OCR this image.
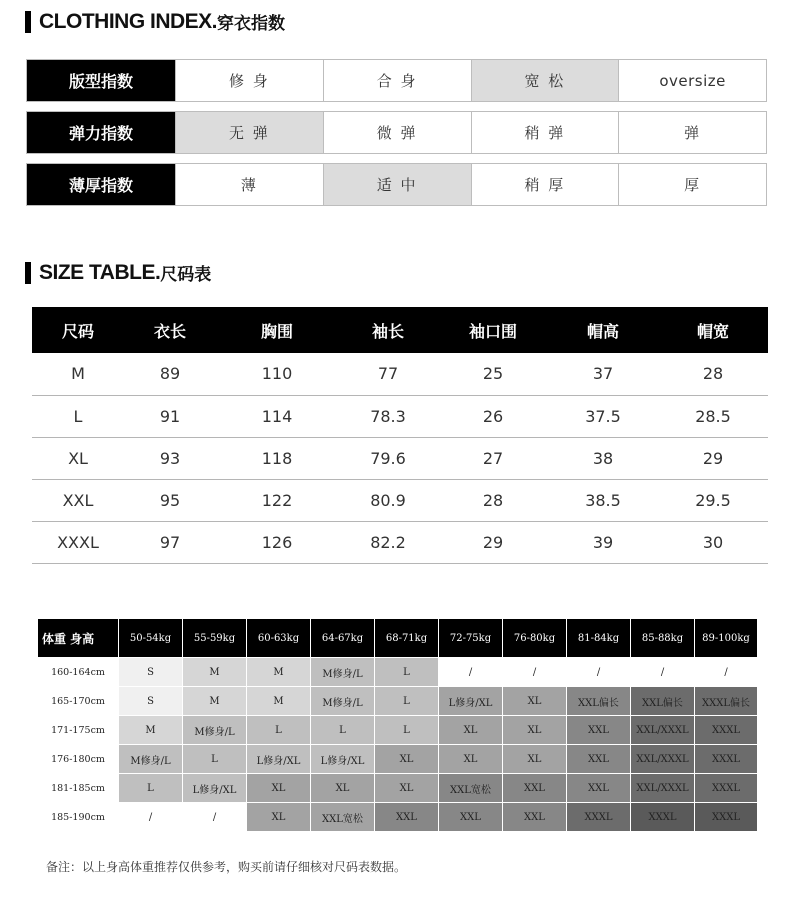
CLOTHING INDEX. 穿衣指数
版型指数	修 身	合 身	宽 松	oversize
弹力指数	无 弹	微 弹	稍 弹	弹
薄厚指数	薄	适 中	稍 厚	厚
SIZE TABLE. 尺码表
尺码	衣长	胸围	袖长	袖口围	帽高	帽宽
M	89	110	77	25	37	28
L	91	114	78.3	26	37.5	28.5
XL	93	118	79.6	27	38	29
XXL	95	122	80.9	28	38.5	29.5
XXXL	97	126	82.2	29	39	30
体重 身高	50-54kg	55-59kg	60-63kg	64-67kg	68-71kg	72-75kg	76-80kg	81-84kg	85-88kg	89-100kg
160-164cm	S	M	M	M修身/L	L	/	/	/	/	/
165-170cm	S	M	M	M修身/L	L	L修身/XL	XL	XXL偏长	XXL偏长	XXXL偏长
171-175cm	M	M修身/L	L	L	L	XL	XL	XXL	XXL/XXXL	XXXL
176-180cm	M修身/L	L	L修身/XL	L修身/XL	XL	XL	XL	XXL	XXL/XXXL	XXXL
181-185cm	L	L修身/XL	XL	XL	XL	XXL宽松	XXL	XXL	XXL/XXXL	XXXL
185-190cm	/	/	XL	XXL宽松	XXL	XXL	XXL	XXXL	XXXL	XXXL
备注：以上身高体重推荐仅供参考，购买前请仔细核对尺码表数据。
